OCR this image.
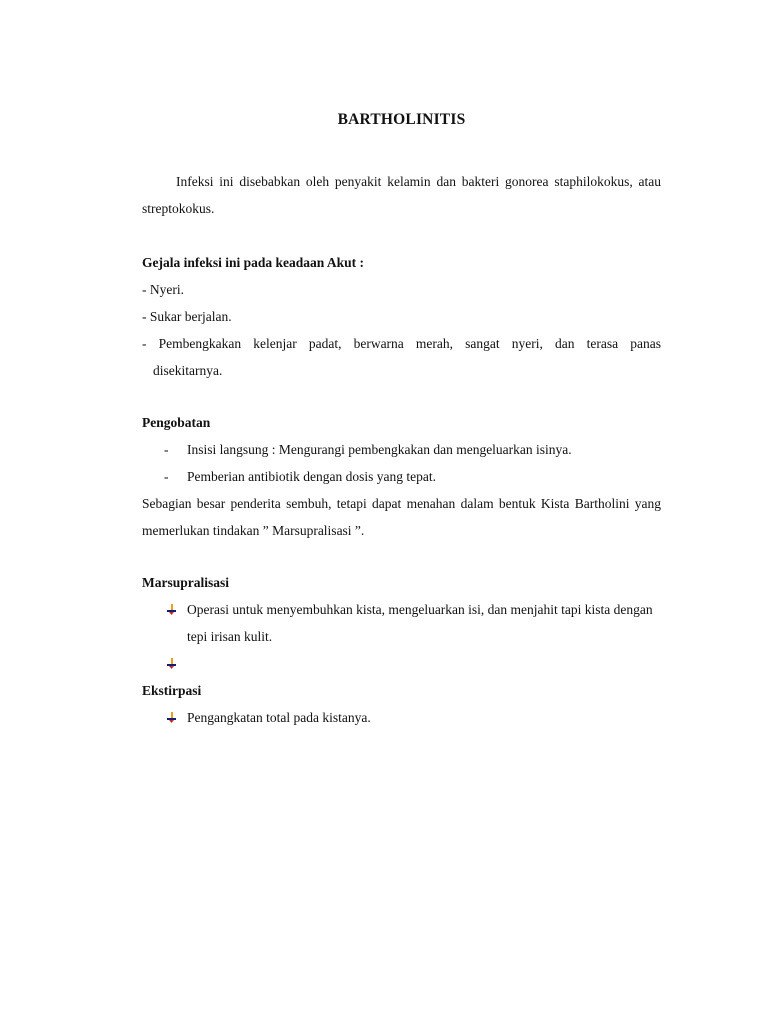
BARTHOLINITIS
Infeksi ini disebabkan oleh penyakit kelamin dan bakteri gonorea staphilokokus, atau streptokokus.
Gejala infeksi ini pada keadaan Akut :
- Nyeri.
- Sukar berjalan.
- Pembengkakan kelenjar padat, berwarna merah, sangat nyeri, dan terasa panas
disekitarnya.
Pengobatan
-	Insisi langsung : Mengurangi pembengkakan dan mengeluarkan isinya.
-	Pemberian antibiotik dengan dosis yang tepat.
Sebagian besar penderita sembuh, tetapi dapat menahan dalam bentuk Kista Bartholini yang memerlukan tindakan ” Marsupralisasi ”.
Marsupralisasi
Operasi untuk menyembuhkan kista, mengeluarkan isi, dan menjahit tapi kista dengan tepi irisan kulit.
Ekstirpasi
Pengangkatan total pada kistanya.
